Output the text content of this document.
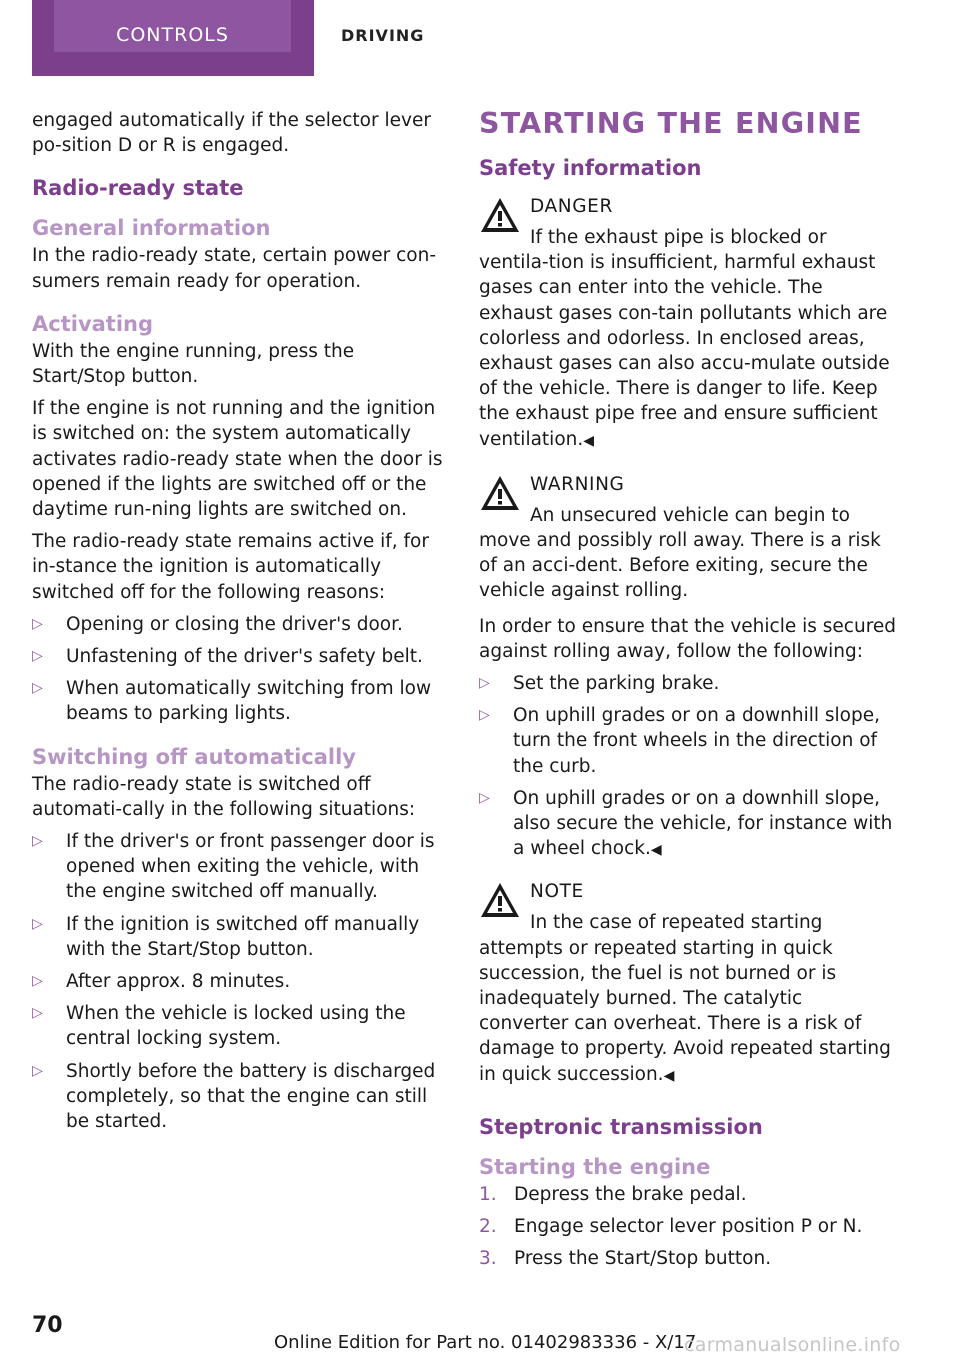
CONTROLS	DRIVING

engaged automatically if the selector lever po‐sition D or R is engaged.

Radio-ready state
General information

In the radio-ready state, certain power con‐sumers remain ready for operation.

Activating

With the engine running, press the Start/Stop button.

If the engine is not running and the ignition is switched on: the system automatically activates radio-ready state when the door is opened if the lights are switched off or the daytime run‐ning lights are switched on.

The radio-ready state remains active if, for in‐stance the ignition is automatically switched off for the following reasons:

▷ Opening or closing the driver's door.
▷ Unfastening of the driver's safety belt.
▷ When automatically switching from low beams to parking lights.
Switching off automatically

The radio-ready state is switched off automati‐cally in the following situations:

▷ If the driver's or front passenger door is opened when exiting the vehicle, with the engine switched off manually.
▷ If the ignition is switched off manually with the Start/Stop button.
▷ After approx. 8 minutes.
▷ When the vehicle is locked using the central locking system.
▷ Shortly before the battery is discharged completely, so that the engine can still be started.
STARTING THE ENGINE
Safety information
DANGER

If the exhaust pipe is blocked or ventila‐tion is insufficient, harmful exhaust gases can enter into the vehicle. The exhaust gases con‐tain pollutants which are colorless and odorless. In enclosed areas, exhaust gases can also accu‐mulate outside of the vehicle. There is danger to life. Keep the exhaust pipe free and ensure sufficient ventilation.◀

WARNING

An unsecured vehicle can begin to move and possibly roll away. There is a risk of an acci‐dent. Before exiting, secure the vehicle against rolling.

In order to ensure that the vehicle is secured against rolling away, follow the following:

▷ Set the parking brake.
▷ On uphill grades or on a downhill slope, turn the front wheels in the direction of the curb.
▷ On uphill grades or on a downhill slope, also secure the vehicle, for instance with a wheel chock.◀
NOTE

In the case of repeated starting attempts or repeated starting in quick succession, the fuel is not burned or is inadequately burned. The catalytic converter can overheat. There is a risk of damage to property. Avoid repeated starting in quick succession.◀

Steptronic transmission
Starting the engine
1. Depress the brake pedal.
2. Engage selector lever position P or N.
3. Press the Start/Stop button.
70
Online Edition for Part no. 01402983336 - X/17
carmanualsonline.info
